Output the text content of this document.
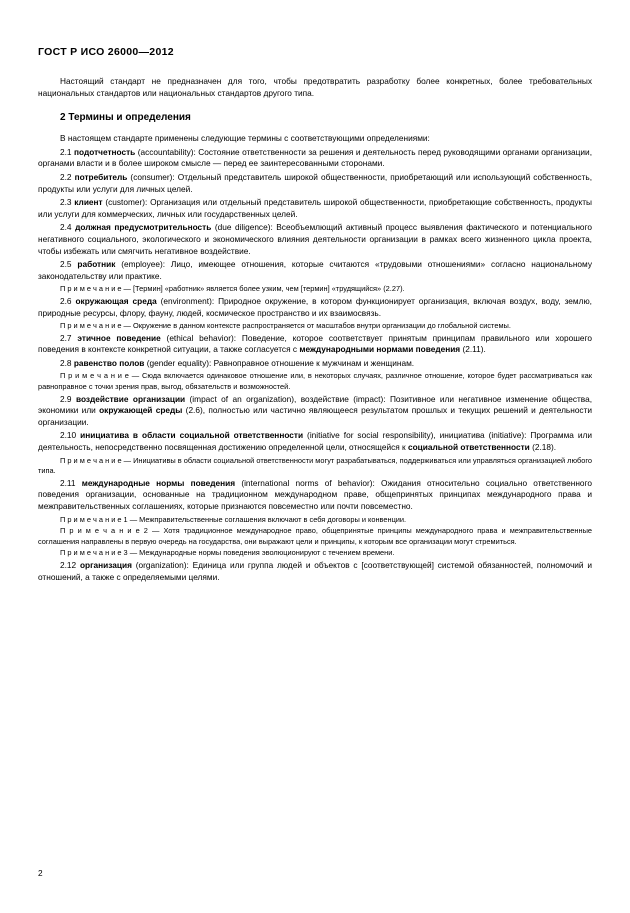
ГОСТ Р ИСО 26000—2012

Настоящий стандарт не предназначен для того, чтобы предотвратить разработку более конкретных, более требовательных национальных стандартов или национальных стандартов другого типа.

2 Термины и определения

В настоящем стандарте применены следующие термины с соответствующими определениями:

2.1 подотчетность (accountability): Состояние ответственности за решения и деятельность перед руководящими органами организации, органами власти и в более широком смысле — перед ее заинтересованными сторонами.

2.2 потребитель (consumer): Отдельный представитель широкой общественности, приобретающий или использующий собственность, продукты или услуги для личных целей.

2.3 клиент (customer): Организация или отдельный представитель широкой общественности, приобретающие собственность, продукты или услуги для коммерческих, личных или государственных целей.

2.4 должная предусмотрительность (due diligence): Всеобъемлющий активный процесс выявления фактического и потенциального негативного социального, экологического и экономического влияния деятельности организации в рамках всего жизненного цикла проекта, чтобы избежать или смягчить негативное воздействие.

2.5 работник (employee): Лицо, имеющее отношения, которые считаются «трудовыми отношениями» согласно национальному законодательству или практике.

П р и м е ч а н и е — [Термин] «работник» является более узким, чем [термин] «трудящийся» (2.27).

2.6 окружающая среда (environment): Природное окружение, в котором функционирует организация, включая воздух, воду, землю, природные ресурсы, флору, фауну, людей, космическое пространство и их взаимосвязь.

П р и м е ч а н и е — Окружение в данном контексте распространяется от масштабов внутри организации до глобальной системы.

2.7 этичное поведение (ethical behavior): Поведение, которое соответствует принятым принципам правильного или хорошего поведения в контексте конкретной ситуации, а также согласуется с международными нормами поведения (2.11).

2.8 равенство полов (gender equality): Равноправное отношение к мужчинам и женщинам.

П р и м е ч а н и е — Сюда включается одинаковое отношение или, в некоторых случаях, различное отношение, которое будет рассматриваться как равноправное с точки зрения прав, выгод, обязательств и возможностей.

2.9 воздействие организации (impact of an organization), воздействие (impact): Позитивное или негативное изменение общества, экономики или окружающей среды (2.6), полностью или частично являющееся результатом прошлых и текущих решений и деятельности организации.

2.10 инициатива в области социальной ответственности (initiative for social responsibility), инициатива (initiative): Программа или деятельность, непосредственно посвященная достижению определенной цели, относящейся к социальной ответственности (2.18).

П р и м е ч а н и е — Инициативы в области социальной ответственности могут разрабатываться, поддерживаться или управляться организацией любого типа.

2.11 международные нормы поведения (international norms of behavior): Ожидания относительно социально ответственного поведения организации, основанные на традиционном международном праве, общепринятых принципах международного права и межправительственных соглашениях, которые признаются повсеместно или почти повсеместно.

П р и м е ч а н и е 1 — Межправительственные соглашения включают в себя договоры и конвенции.

П р и м е ч а н и е 2 — Хотя традиционное международное право, общепринятые принципы международного права и межправительственные соглашения направлены в первую очередь на государства, они выражают цели и принципы, к которым все организации могут стремиться.

П р и м е ч а н и е 3 — Международные нормы поведения эволюционируют с течением времени.

2.12 организация (organization): Единица или группа людей и объектов с [соответствующей] системой обязанностей, полномочий и отношений, а также с определяемыми целями.

2
